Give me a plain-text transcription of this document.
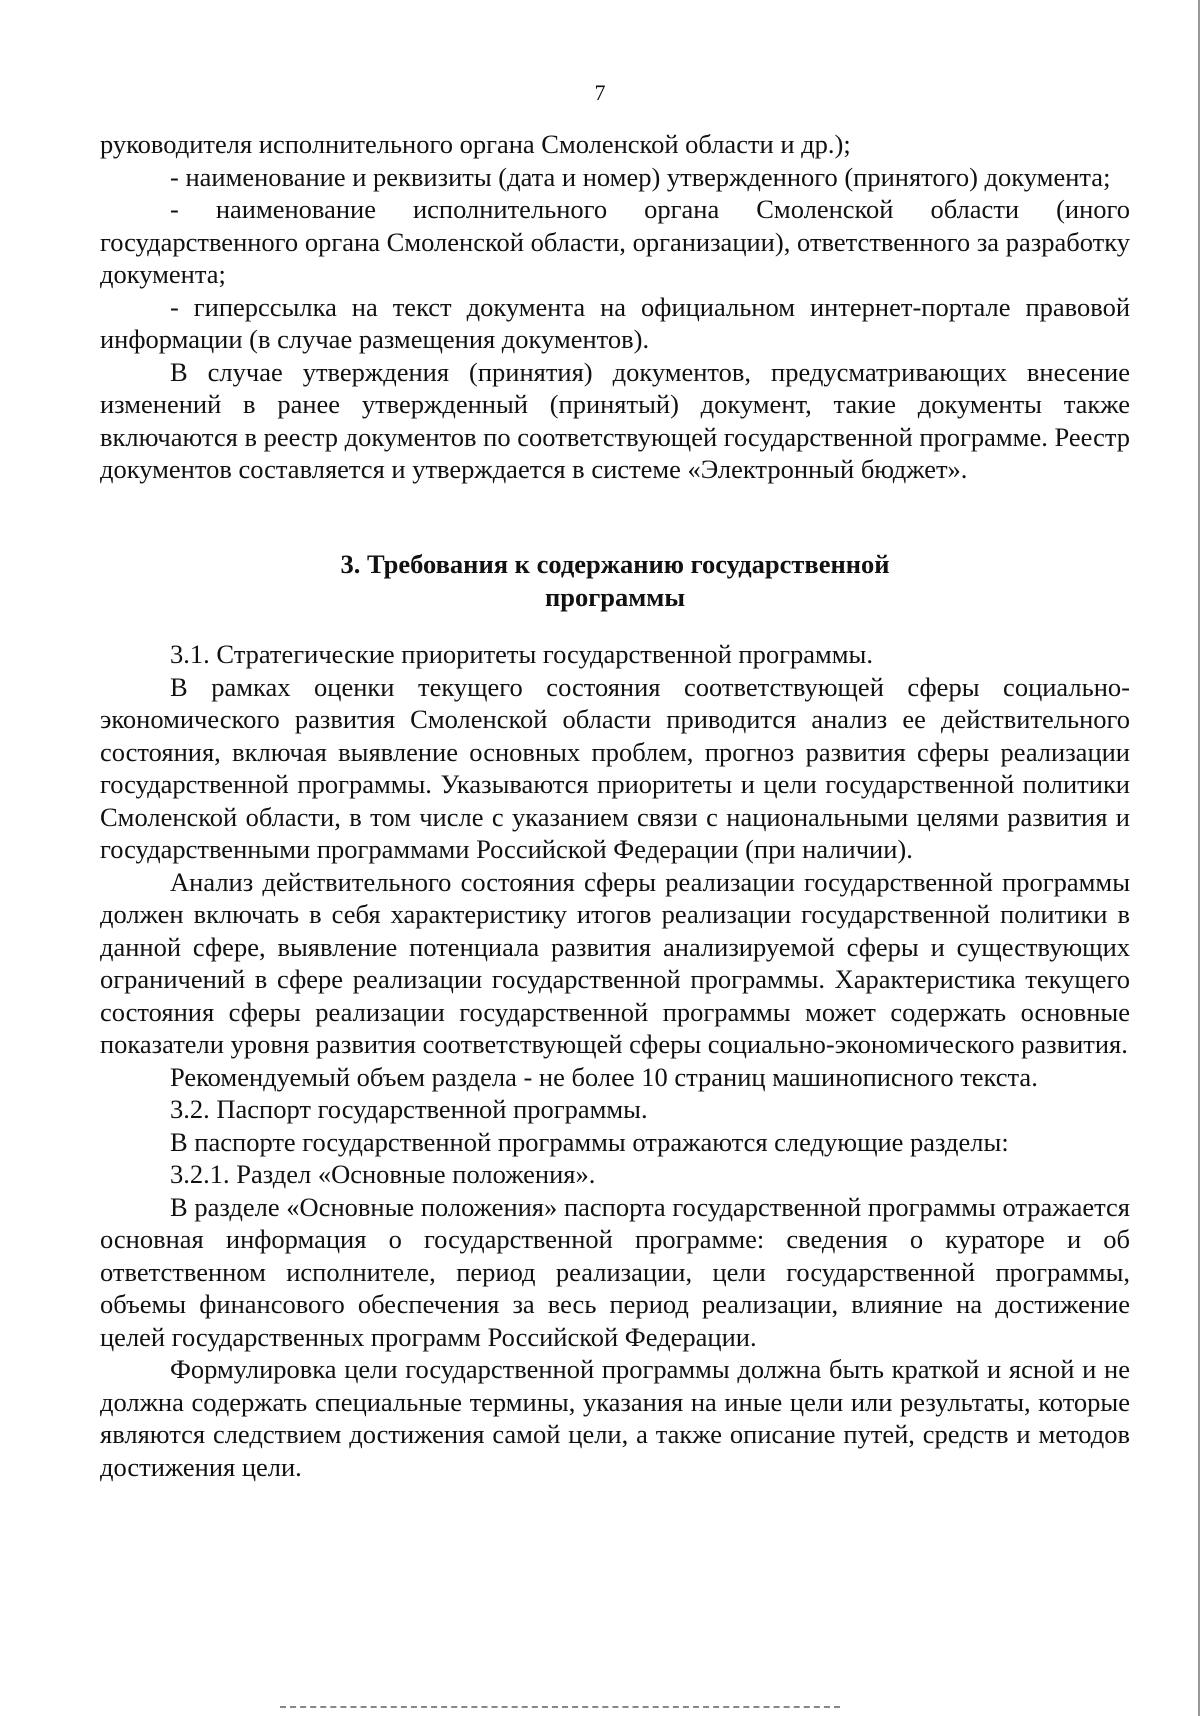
7

руководителя исполнительного органа Смоленской области и др.);

- наименование и реквизиты (дата и номер) утвержденного (принятого) документа;

- наименование исполнительного органа Смоленской области (иного государственного органа Смоленской области, организации), ответственного за разработку документа;

- гиперссылка на текст документа на официальном интернет-портале правовой информации (в случае размещения документов).

В случае утверждения (принятия) документов, предусматривающих внесение изменений в ранее утвержденный (принятый) документ, такие документы также включаются в реестр документов по соответствующей государственной программе. Реестр документов составляется и утверждается в системе «Электронный бюджет».

3. Требования к содержанию государственной
программы

3.1. Стратегические приоритеты государственной программы.

В рамках оценки текущего состояния соответствующей сферы социально-экономического развития Смоленской области приводится анализ ее действительного состояния, включая выявление основных проблем, прогноз развития сферы реализации государственной программы. Указываются приоритеты и цели государственной политики Смоленской области, в том числе с указанием связи с национальными целями развития и государственными программами Российской Федерации (при наличии).

Анализ действительного состояния сферы реализации государственной программы должен включать в себя характеристику итогов реализации государственной политики в данной сфере, выявление потенциала развития анализируемой сферы и существующих ограничений в сфере реализации государственной программы. Характеристика текущего состояния сферы реализации государственной программы может содержать основные показатели уровня развития соответствующей сферы социально-экономического развития.

Рекомендуемый объем раздела - не более 10 страниц машинописного текста.

3.2. Паспорт государственной программы.

В паспорте государственной программы отражаются следующие разделы:

3.2.1. Раздел «Основные положения».

В разделе «Основные положения» паспорта государственной программы отражается основная информация о государственной программе: сведения о кураторе и об ответственном исполнителе, период реализации, цели государственной программы, объемы финансового обеспечения за весь период реализации, влияние на достижение целей государственных программ Российской Федерации.

Формулировка цели государственной программы должна быть краткой и ясной и не должна содержать специальные термины, указания на иные цели или результаты, которые являются следствием достижения самой цели, а также описание путей, средств и методов достижения цели.
